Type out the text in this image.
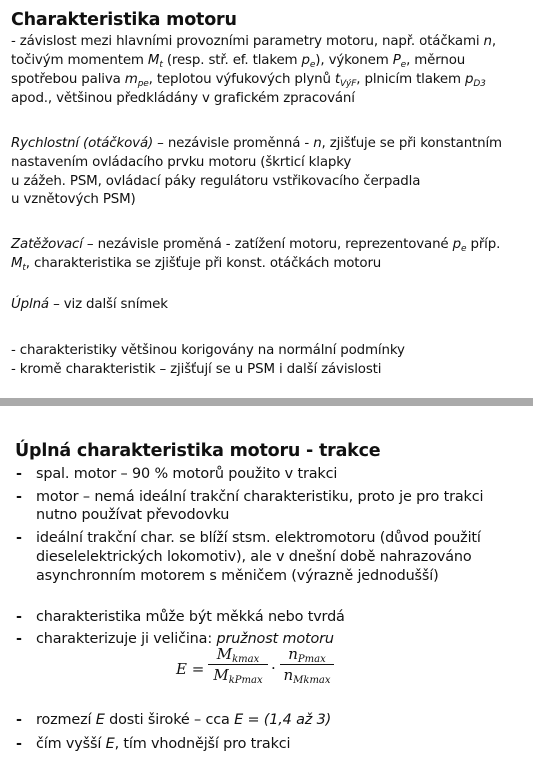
Charakteristika motoru
- závislost mezi hlavními provozními parametry motoru, např. otáčkami n,
točivým momentem $M_t$ (resp. stř. ef. tlakem $p_e$), výkonem $P_e$, měrnou
spotřebou paliva $m_{pe}$, teplotou výfukových plynů $t_{VýF}$, plnicím tlakem $p_{D3}$
apod., většinou předkládány v grafickém zpracování
Rychlostní (otáčková) – nezávisle proměnná - n, zjišťuje se při konstantním
nastavením ovládacího prvku motoru (škrticí klapky
u zážeh. PSM, ovládací páky regulátoru vstřikovacího čerpadla
u vznětových PSM)
Zatěžovací – nezávisle proměná - zatížení motoru, reprezentované $p_e$ příp.
$M_t$, charakteristika se zjišťuje při konst. otáčkách motoru
Úplná – viz další snímek
- charakteristiky většinou korigovány na normální podmínky
- kromě charakteristik – zjišťují se u PSM i další závislosti
Úplná charakteristika motoru - trakce
- spal. motor – 90 % motorů použito v trakci
- motor – nemá ideální trakční charakteristiku, proto je pro trakci
nutno používat převodovku
- ideální trakční char. se blíží stsm. elektromotoru (důvod použití
dieselelektrických lokomotiv), ale v dnešní době nahrazováno
asynchronním motorem s měničem (výrazně jednodušší)
- charakteristika může být měkká nebo tvrdá
- charakterizuje ji veličina: pružnost motoru
E =
$M_{kmax}$
$M_{kPmax}$
·
$n_{Pmax}$
$n_{Mkmax}$
- rozmezí E dosti široké – cca E = (1,4 až 3)
- čím vyšší E, tím vhodnější pro trakci
